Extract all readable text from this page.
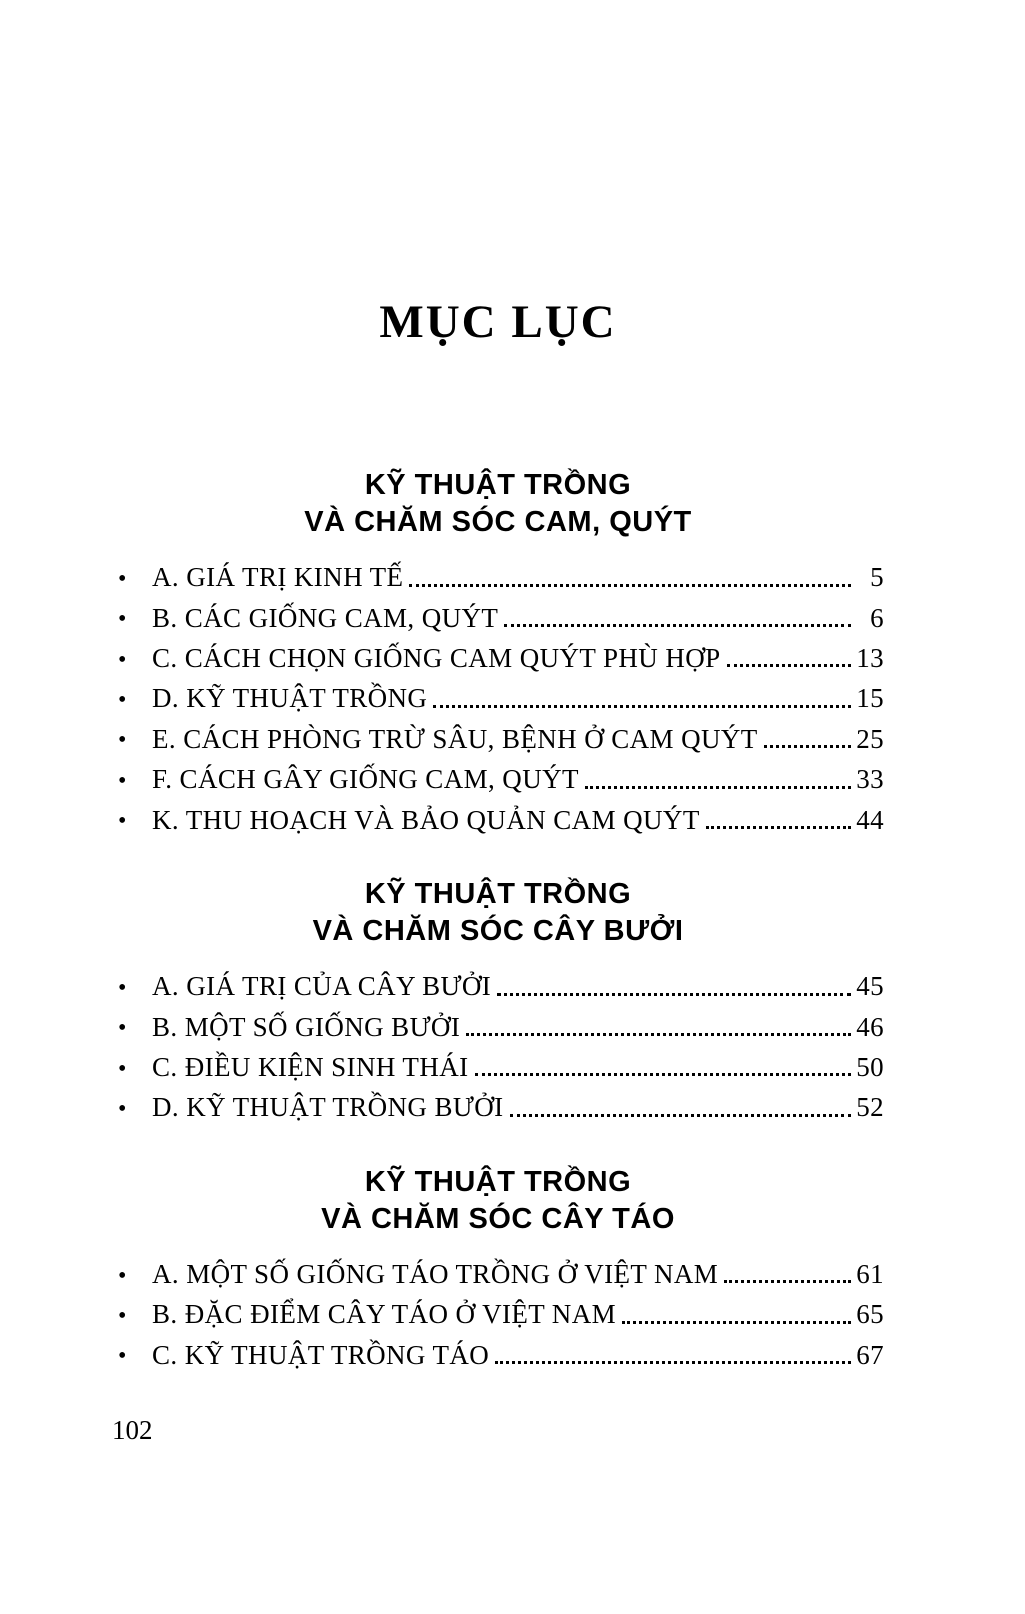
MỤC LỤC
KỸ THUẬT TRỒNG
VÀ CHĂM SÓC CAM, QUÝT
• A. GIÁ TRỊ KINH TẾ	5
• B. CÁC GIỐNG CAM, QUÝT	6
• C. CÁCH CHỌN GIỐNG CAM QUÝT PHÙ HỢP	13
• D. KỸ THUẬT TRỒNG	15
• E. CÁCH PHÒNG TRỪ SÂU, BỆNH Ở CAM QUÝT	25
• F. CÁCH GÂY GIỐNG CAM, QUÝT	33
• K. THU HOẠCH VÀ BẢO QUẢN CAM QUÝT	44
KỸ THUẬT TRỒNG
VÀ CHĂM SÓC CÂY BƯỞI
• A. GIÁ TRỊ CỦA CÂY BƯỞI	45
• B. MỘT SỐ GIỐNG BƯỞI	46
• C. ĐIỀU KIỆN SINH THÁI	50
• D. KỸ THUẬT TRỒNG BƯỞI	52
KỸ THUẬT TRỒNG
VÀ CHĂM SÓC CÂY TÁO
• A. MỘT SỐ GIỐNG TÁO TRỒNG Ở VIỆT NAM	61
• B. ĐẶC ĐIỂM CÂY TÁO Ở VIỆT NAM	65
• C. KỸ THUẬT TRỒNG TÁO	67
102
